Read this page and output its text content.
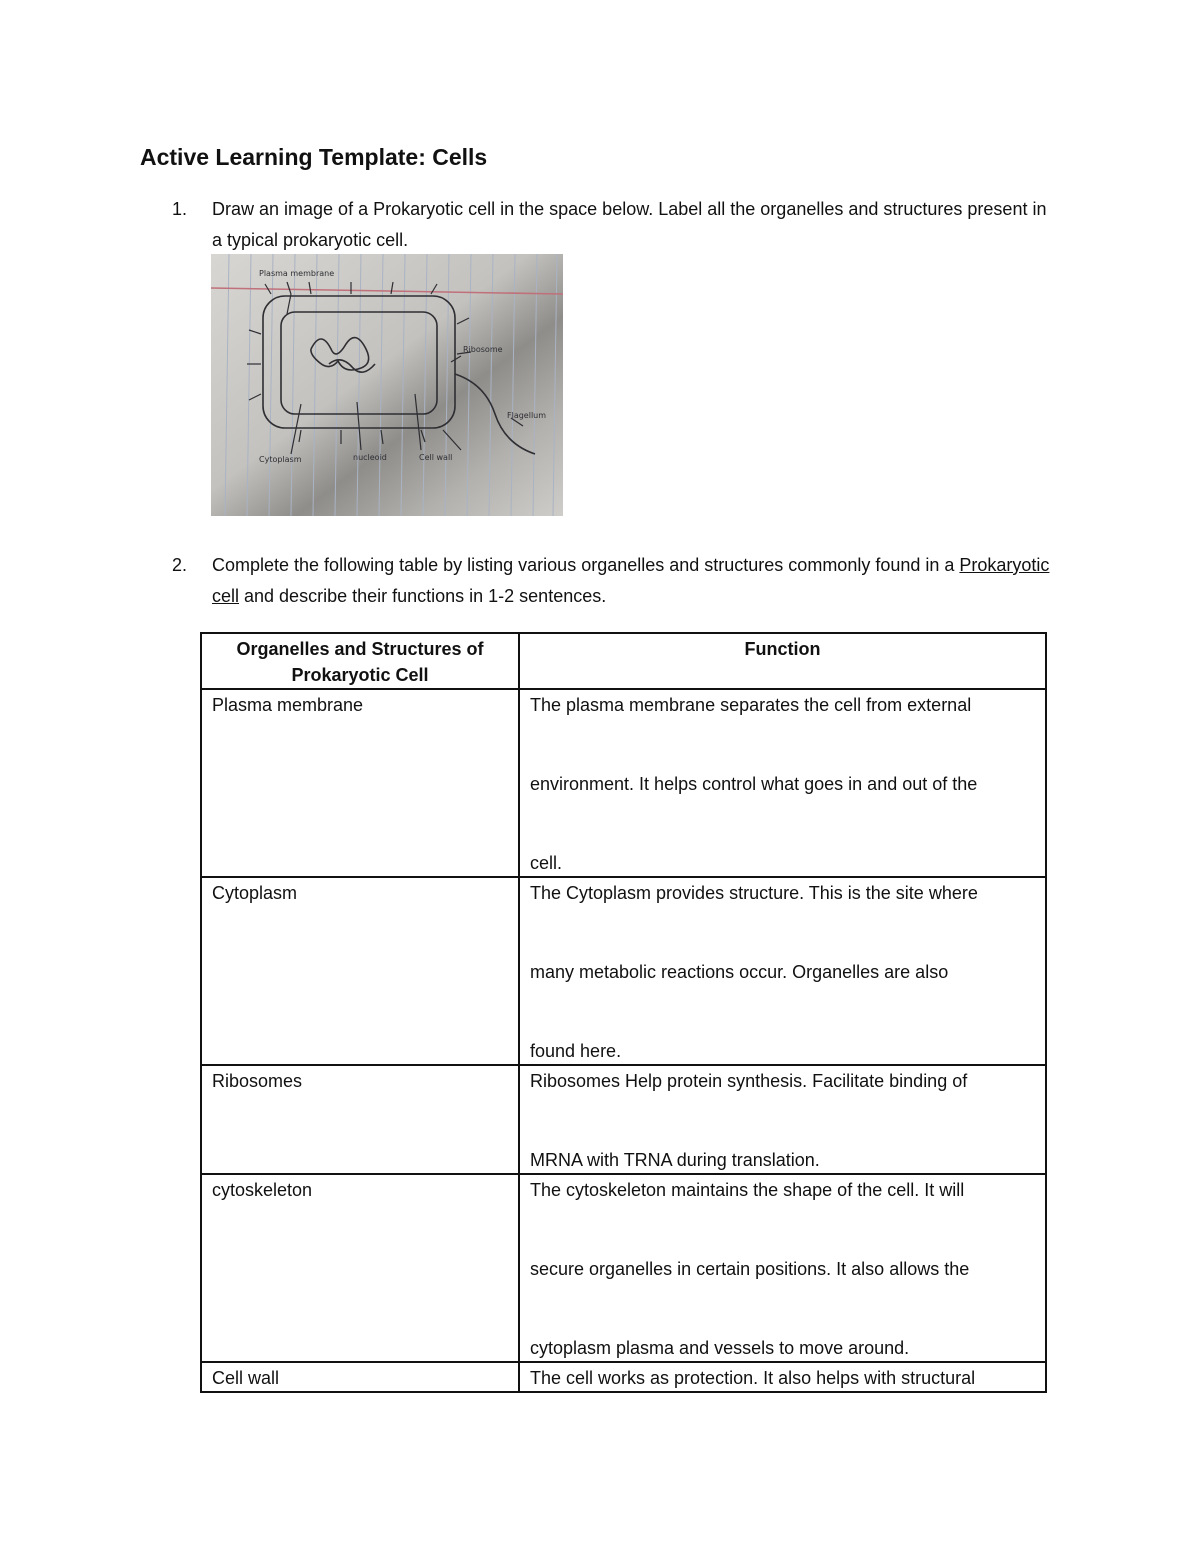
Active Learning Template: Cells
1. Draw an image of a Prokaryotic cell in the space below. Label all the organelles and structures present in a typical prokaryotic cell.
Plasma membrane
Ribosome
Cytoplasm	nucleoid
Flagellum
Cell wall
2. Complete the following table by listing various organelles and structures commonly found in a Prokaryotic cell and describe their functions in 1-2 sentences.
Organelles and Structures of Prokaryotic Cell	Function
Plasma membrane	The plasma membrane separates the cell from external
environment. It helps control what goes in and out of the
cell.

Cytoplasm	The Cytoplasm provides structure. This is the site where
many metabolic reactions occur. Organelles are also
found here.

Ribosomes	Ribosomes Help protein synthesis. Facilitate binding of
MRNA with TRNA during translation.

cytoskeleton	The cytoskeleton maintains the shape of the cell. It will
secure organelles in certain positions. It also allows the
cytoplasm plasma and vessels to move around.

Cell wall	The cell works as protection. It also helps with structural
